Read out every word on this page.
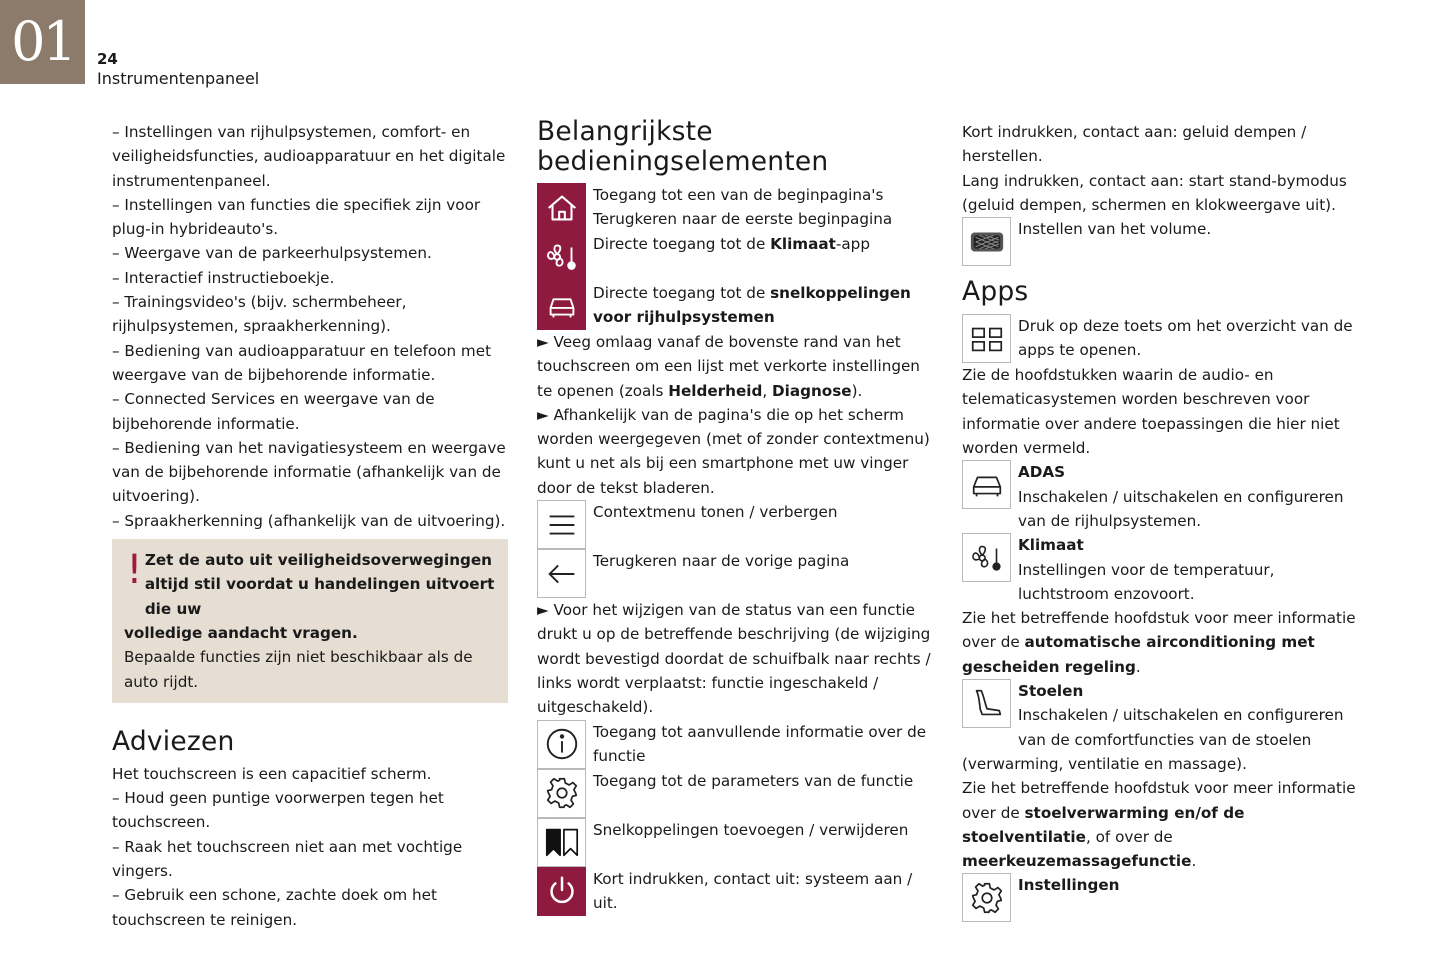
01	24
Instrumentenpaneel
– Instellingen van rijhulpsystemen, comfort- en veiligheidsfuncties, audioapparatuur en het digitale instrumentenpaneel.
– Instellingen van functies die specifiek zijn voor plug-in hybrideauto's.
– Weergave van de parkeerhulpsystemen.
– Interactief instructieboekje.
– Trainingsvideo's (bijv. schermbeheer, rijhulpsystemen, spraakherkenning).
– Bediening van audioapparatuur en telefoon met weergave van de bijbehorende informatie.
– Connected Services en weergave van de bijbehorende informatie.
– Bediening van het navigatiesysteem en weergave van de bijbehorende informatie (afhankelijk van de uitvoering).
– Spraakherkenning (afhankelijk van de uitvoering).
! Zet de auto uit veiligheidsoverwegingen altijd stil voordat u handelingen uitvoert die uw
volledige aandacht vragen.
Bepaalde functies zijn niet beschikbaar als de auto rijdt.
Adviezen
Het touchscreen is een capacitief scherm.
– Houd geen puntige voorwerpen tegen het touchscreen.
– Raak het touchscreen niet aan met vochtige vingers.
– Gebruik een schone, zachte doek om het touchscreen te reinigen.
Belangrijkste bedieningselementen
Toegang tot een van de beginpagina's
Terugkeren naar de eerste beginpagina
Directe toegang tot de Klimaat-app
Directe toegang tot de snelkoppelingen voor rijhulpsystemen
► Veeg omlaag vanaf de bovenste rand van het touchscreen om een lijst met verkorte instellingen te openen (zoals Helderheid, Diagnose).
► Afhankelijk van de pagina's die op het scherm worden weergegeven (met of zonder contextmenu) kunt u net als bij een smartphone met uw vinger door de tekst bladeren.
Contextmenu tonen / verbergen
Terugkeren naar de vorige pagina
► Voor het wijzigen van de status van een functie drukt u op de betreffende beschrijving (de wijziging wordt bevestigd doordat de schuifbalk naar rechts / links wordt verplaatst: functie ingeschakeld / uitgeschakeld).
Toegang tot aanvullende informatie over de functie
Toegang tot de parameters van de functie
Snelkoppelingen toevoegen / verwijderen
Kort indrukken, contact uit: systeem aan / uit.
Kort indrukken, contact aan: geluid dempen / herstellen.
Lang indrukken, contact aan: start stand-bymodus (geluid dempen, schermen en klokweergave uit).
Instellen van het volume.
Apps
Druk op deze toets om het overzicht van de apps te openen.
Zie de hoofdstukken waarin de audio- en telematicasystemen worden beschreven voor informatie over andere toepassingen die hier niet worden vermeld.
ADAS
Inschakelen / uitschakelen en configureren van de rijhulpsystemen.
Klimaat
Instellingen voor de temperatuur, luchtstroom enzovoort.
Zie het betreffende hoofdstuk voor meer informatie over de automatische airconditioning met gescheiden regeling.
Stoelen
Inschakelen / uitschakelen en configureren van de comfortfuncties van de stoelen (verwarming, ventilatie en massage).
Zie het betreffende hoofdstuk voor meer informatie over de stoelverwarming en/of de stoelventilatie, of over de meerkeuzemassagefunctie.
Instellingen
